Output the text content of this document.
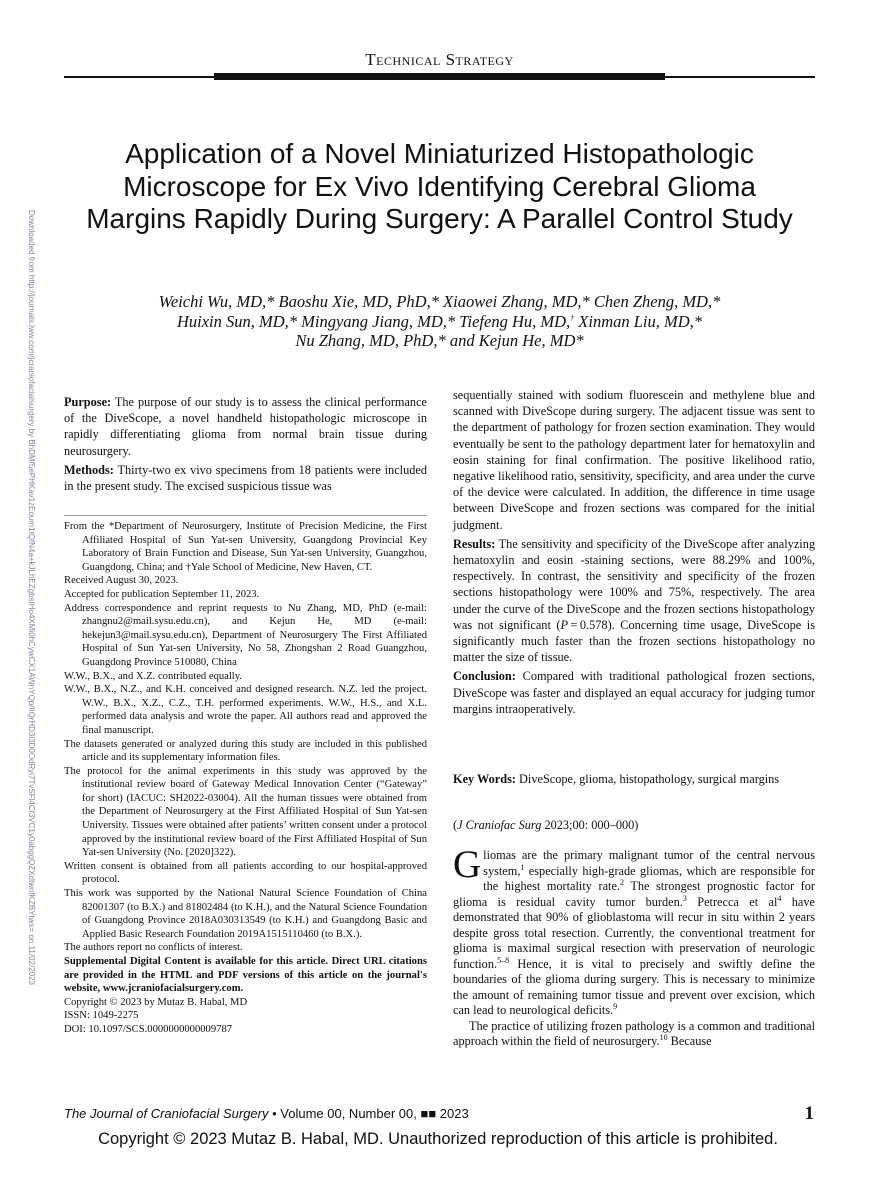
Technical Strategy
Downloaded from http://journals.lww.com/jcraniofacialsurgery by BhDMf5ePHKav1zEoum1tQfN4a+kJLhEZgbsIHo4XMi0hCywCX1AWnYQp/IlQrHD3i3D0OdRyi7TvSFl4Cf3VC1y0abggQZXdtwnfKZBYtws= on 11/02/2023
Application of a Novel Miniaturized Histopathologic Microscope for Ex Vivo Identifying Cerebral Glioma Margins Rapidly During Surgery: A Parallel Control Study
Weichi Wu, MD,* Baoshu Xie, MD, PhD,* Xiaowei Zhang, MD,* Chen Zheng, MD,*
Huixin Sun, MD,* Mingyang Jiang, MD,* Tiefeng Hu, MD,† Xinman Liu, MD,*
Nu Zhang, MD, PhD,* and Kejun He, MD*

Purpose: The purpose of our study is to assess the clinical performance of the DiveScope, a novel handheld histopathologic microscope in rapidly differentiating glioma from normal brain tissue during neurosurgery.

Methods: Thirty-two ex vivo specimens from 18 patients were included in the present study. The excised suspicious tissue was

From the *Department of Neurosurgery, Institute of Precision Medicine, the First Affiliated Hospital of Sun Yat-sen University, Guangdong Provincial Key Laboratory of Brain Function and Disease, Sun Yat-sen University, Guangzhou, Guangdong, China; and †Yale School of Medicine, New Haven, CT.
Received August 30, 2023.
Accepted for publication September 11, 2023.
Address correspondence and reprint requests to Nu Zhang, MD, PhD (e-mail: zhangnu2@mail.sysu.edu.cn), and Kejun He, MD (e-mail: hekejun3@mail.sysu.edu.cn), Department of Neurosurgery The First Affiliated Hospital of Sun Yat-sen University, No 58, Zhongshan 2 Road Guangzhou, Guangdong Province 510080, China
W.W., B.X., and X.Z. contributed equally.
W.W., B.X., N.Z., and K.H. conceived and designed research. N.Z. led the project. W.W., B.X., X.Z., C.Z., T.H. performed experiments. W.W., H.S., and X.L. performed data analysis and wrote the paper. All authors read and approved the final manuscript.
The datasets generated or analyzed during this study are included in this published article and its supplementary information files.
The protocol for the animal experiments in this study was approved by the institutional review board of Gateway Medical Innovation Center (“Gateway” for short) (IACUC: SH2022-03004). All the human tissues were obtained from the Department of Neurosurgery at the First Affiliated Hospital of Sun Yat-sen University. Tissues were obtained after patients’ written consent under a protocol approved by the institutional review board of the First Affiliated Hospital of Sun Yat-sen University (No. [2020]322).
Written consent is obtained from all patients according to our hospital-approved protocol.
This work was supported by the National Natural Science Foundation of China 82001307 (to B.X.) and 81802484 (to K.H.), and the Natural Science Foundation of Guangdong Province 2018A030313549 (to K.H.) and Guangdong Basic and Applied Basic Research Foundation 2019A1515110460 (to B.X.).
The authors report no conflicts of interest.
Supplemental Digital Content is available for this article. Direct URL citations are provided in the HTML and PDF versions of this article on the journal's website, www.jcraniofacialsurgery.com.
Copyright © 2023 by Mutaz B. Habal, MD
ISSN: 1049-2275
DOI: 10.1097/SCS.0000000000009787

sequentially stained with sodium fluorescein and methylene blue and scanned with DiveScope during surgery. The adjacent tissue was sent to the department of pathology for frozen section examination. They would eventually be sent to the pathology department later for hematoxylin and eosin staining for final confirmation. The positive likelihood ratio, negative likelihood ratio, sensitivity, specificity, and area under the curve of the device were calculated. In addition, the difference in time usage between DiveScope and frozen sections was compared for the initial judgment.

Results: The sensitivity and specificity of the DiveScope after analyzing hematoxylin and eosin -staining sections, were 88.29% and 100%, respectively. In contrast, the sensitivity and specificity of the frozen sections histopathology were 100% and 75%, respectively. The area under the curve of the DiveScope and the frozen sections histopathology was not significant (P = 0.578). Concerning time usage, DiveScope is significantly much faster than the frozen sections histopathology no matter the size of tissue.

Conclusion: Compared with traditional pathological frozen sections, DiveScope was faster and displayed an equal accuracy for judging tumor margins intraoperatively.

Key Words: DiveScope, glioma, histopathology, surgical margins
(J Craniofac Surg 2023;00: 000–000)
Gliomas are the primary malignant tumor of the central nervous system,$^1$ especially high-grade gliomas, which are responsible for the highest mortality rate.$^2$ The strongest prognostic factor for glioma is residual cavity tumor burden.$^3$ Petrecca et $al^4$ have demonstrated that 90% of glioblastoma will recur in situ within 2 years despite gross total resection. Currently, the conventional treatment for glioma is maximal surgical resection with preservation of neurologic function.$^{5-8}$ Hence, it is vital to precisely and swiftly define the boundaries of the glioma during surgery. This is necessary to minimize the amount of remaining tumor tissue and prevent over excision, which can lead to neurological deficits.$^9$
The practice of utilizing frozen pathology is a common and traditional approach within the field of neurosurgery.$^{10}$ Because
The Journal of Craniofacial Surgery • Volume 00, Number 00, ■■ 2023	1
Copyright © 2023 Mutaz B. Habal, MD. Unauthorized reproduction of this article is prohibited.
